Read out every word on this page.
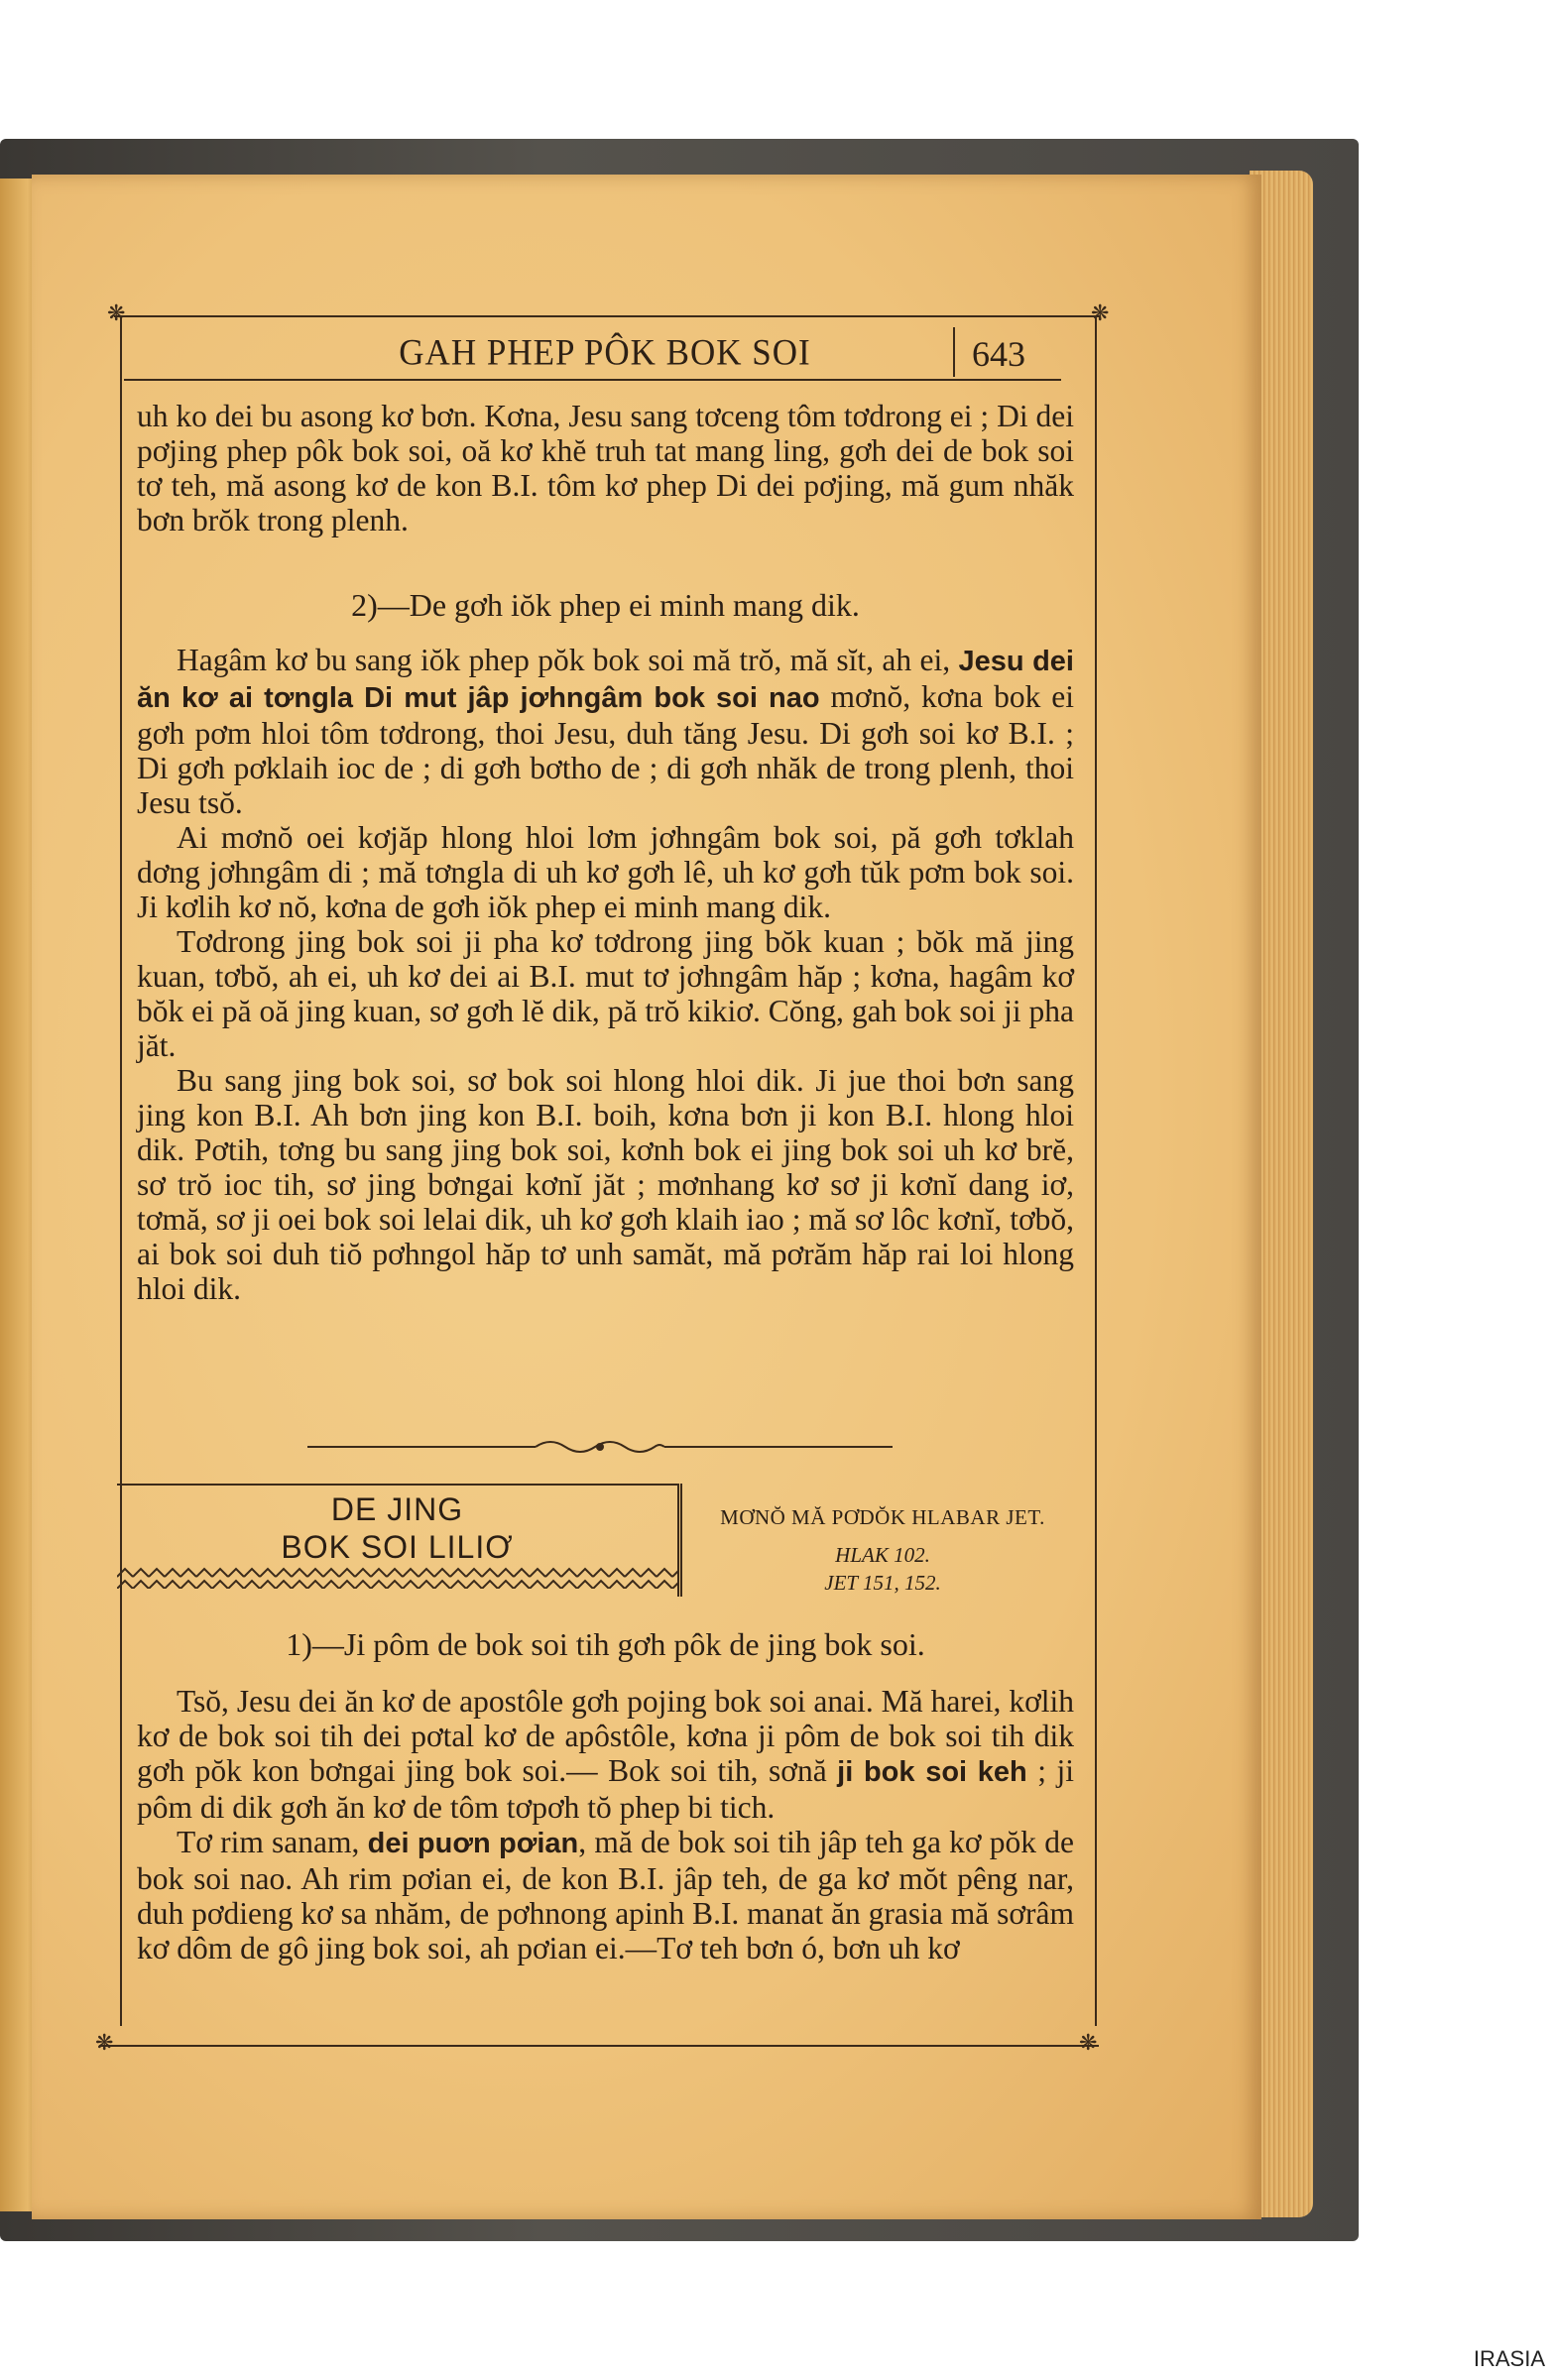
❋	❋
❋	❋
GAH PHEP PÔK BOK SOI	643

uh ko dei bu asong kơ bơn. Kơna, Jesu sang tơceng tôm tơdrong ei ; Di dei pơjing phep pôk bok soi, oă kơ khĕ truh tat mang ling, gơh dei de bok soi tơ teh, mă asong kơ de kon B.I. tôm kơ phep Di dei pơjing, mă gum nhăk bơn brŏk trong plenh.

2)—De gơh iŏk phep ei minh mang dik.

Hagâm kơ bu sang iŏk phep pŏk bok soi mă trŏ, mă sĭt, ah ei, Jesu dei ăn kơ ai tơngla Di mut jâp jơhngâm bok soi nao mơnŏ, kơna bok ei gơh pơm hloi tôm tơdrong, thoi Jesu, duh tăng Jesu. Di gơh soi kơ B.I. ; Di gơh pơklaih ioc de ; di gơh bơtho de ; di gơh nhăk de trong plenh, thoi Jesu tsŏ.

Ai mơnŏ oei kơjăp hlong hloi lơm jơhngâm bok soi, pă gơh tơklah dơng jơhngâm di ; mă tơngla di uh kơ gơh lê, uh kơ gơh tŭk pơm bok soi. Ji kơlih kơ nŏ, kơna de gơh iŏk phep ei minh mang dik.

Tơdrong jing bok soi ji pha kơ tơdrong jing bŏk kuan ; bŏk mă jing kuan, tơbŏ, ah ei, uh kơ dei ai B.I. mut tơ jơhngâm hăp ; kơna, hagâm kơ bŏk ei pă oă jing kuan, sơ gơh lĕ dik, pă trŏ kikiơ. Cŏng, gah bok soi ji pha jăt.

Bu sang jing bok soi, sơ bok soi hlong hloi dik. Ji jue thoi bơn sang jing kon B.I. Ah bơn jing kon B.I. boih, kơna bơn ji kon B.I. hlong hloi dik. Pơtih, tơng bu sang jing bok soi, kơnh bok ei jing bok soi uh kơ brĕ, sơ trŏ ioc tih, sơ jing bơngai kơnĭ jăt ; mơnhang kơ sơ ji kơnĭ dang iơ, tơmă, sơ ji oei bok soi lelai dik, uh kơ gơh klaih iao ; mă sơ lôc kơnĭ, tơbŏ, ai bok soi duh tiŏ pơhngol hăp tơ unh samăt, mă pơrăm hăp rai loi hlong hloi dik.

DE JING
BOK SOI LILIƠ
MƠNŎ MĂ PƠDŎK HLABAR JET.
HLAK 102.
JET 151, 152.
1)—Ji pôm de bok soi tih gơh pôk de jing bok soi.

Tsŏ, Jesu dei ăn kơ de apostôle gơh pojing bok soi anai. Mă harei, kơlih kơ de bok soi tih dei pơtal kơ de apôstôle, kơna ji pôm de bok soi tih dik gơh pŏk kon bơngai jing bok soi.— Bok soi tih, sơnă ji bok soi keh ; ji pôm di dik gơh ăn kơ de tôm tơpơh tŏ phep bi tich.

Tơ rim sanam, dei puơn pơian, mă de bok soi tih jâp teh ga kơ pŏk de bok soi nao. Ah rim pơian ei, de kon B.I. jâp teh, de ga kơ mŏt pêng nar, duh pơdieng kơ sa nhăm, de pơhnong apinh B.I. manat ăn grasia mă sơrâm kơ dôm de gô jing bok soi, ah pơian ei.—Tơ teh bơn ó, bơn uh kơ

IRASIA
